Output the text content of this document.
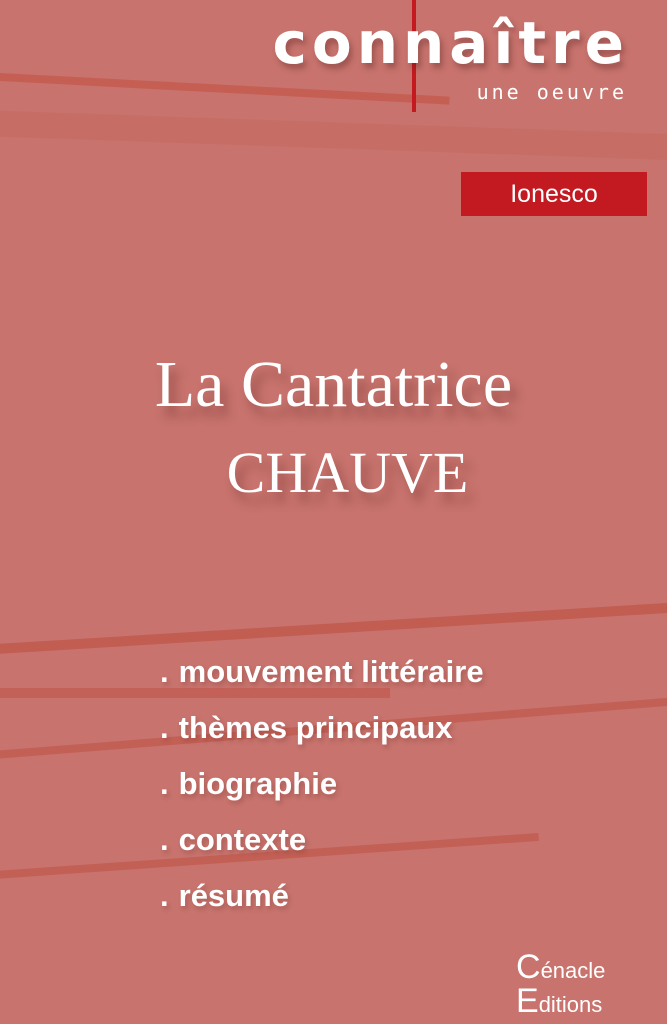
connaître
une oeuvre
Ionesco
La Cantatrice
CHAUVE
. mouvement littéraire
. thèmes principaux
. biographie
. contexte
. résumé
Cénacle
Editions
